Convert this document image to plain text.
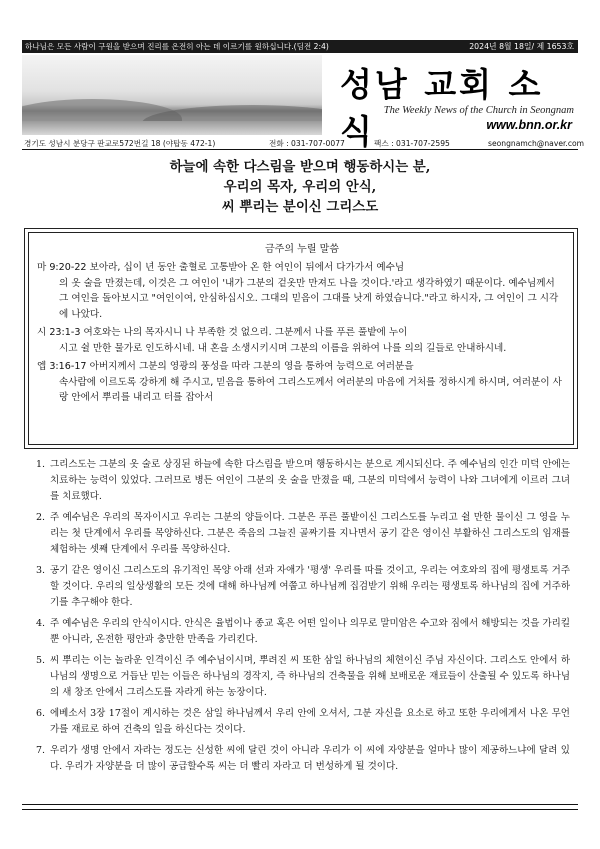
하나님은 모든 사람이 구원을 받으며 진리를 온전히 아는 데 이르기를 원하십니다.(딤전 2:4)	2024년 8월 18일/ 제 1653호
성남 교회 소식
The Weekly News of the Church in Seongnam
www.bnn.or.kr
경기도 성남시 분당구 판교로572번길 18 (야탑동 472-1)	전화 : 031-707-0077	팩스 : 031-707-2595	seongnamch@naver.com
하늘에 속한 다스림을 받으며 행동하시는 분,
우리의 목자, 우리의 안식,
씨 뿌리는 분이신 그리스도
금주의 누릴 말씀
마 9:20-22 보아라, 십이 년 동안 출혈로 고통받아 온 한 여인이 뒤에서 다가가서 예수님
의 옷 술을 만졌는데, 이것은 그 여인이 '내가 그분의 겉옷만 만져도 나을 것이다.'라고 생각하였기 때문이다. 예수님께서 그 여인을 돌아보시고 "여인이여, 안심하십시오. 그대의 믿음이 그대를 낫게 하였습니다."라고 하시자, 그 여인이 그 시각에 나았다.
시 23:1-3 여호와는 나의 목자시니 나 부족한 것 없으리. 그분께서 나를 푸른 풀밭에 누이
시고 쉴 만한 물가로 인도하시네. 내 혼을 소생시키시며 그분의 이름을 위하여 나를 의의 길들로 안내하시네.
엡 3:16-17 아버지께서 그분의 영광의 풍성을 따라 그분의 영을 통하여 능력으로 여러분을
속사람에 이르도록 강하게 해 주시고, 믿음을 통하여 그리스도께서 여러분의 마음에 거처를 정하시게 하시며, 여러분이 사랑 안에서 뿌리를 내리고 터를 잡아서
1. 그리스도는 그분의 옷 술로 상징된 하늘에 속한 다스림을 받으며 행동하시는 분으로 계시되신다. 주 예수님의 인간 미덕 안에는 치료하는 능력이 있었다. 그러므로 병든 여인이 그분의 옷 술을 만졌을 때, 그분의 미덕에서 능력이 나와 그녀에게 이르러 그녀를 치료했다.
2. 주 예수님은 우리의 목자이시고 우리는 그분의 양들이다. 그분은 푸른 풀밭이신 그리스도를 누리고 쉴 만한 물이신 그 영을 누리는 첫 단계에서 우리를 목양하신다. 그분은 죽음의 그늘진 골짜기를 지나면서 공기 같은 영이신 부활하신 그리스도의 임재를 체험하는 셋째 단계에서 우리를 목양하신다.
3. 공기 같은 영이신 그리스도의 유기적인 목양 아래 선과 자애가 '평생' 우리를 따를 것이고, 우리는 여호와의 집에 평생토록 거주할 것이다. 우리의 일상생활의 모든 것에 대해 하나님께 여쭙고 하나님께 집검받기 위해 우리는 평생토록 하나님의 집에 거주하기를 추구해야 한다.
4. 주 예수님은 우리의 안식이시다. 안식은 율법이나 종교 혹은 어떤 일이나 의무로 말미암은 수고와 짐에서 해방되는 것을 가리킬 뿐 아니라, 온전한 평안과 충만한 만족을 가리킨다.
5. 씨 뿌리는 이는 놀라운 인격이신 주 예수님이시며, 뿌려진 씨 또한 삼일 하나님의 체현이신 주님 자신이다. 그리스도 안에서 하나님의 생명으로 거듭난 믿는 이들은 하나님의 경작지, 즉 하나님의 건축물을 위해 보배로운 재료들이 산출될 수 있도록 하나님의 새 창조 안에서 그리스도를 자라게 하는 농장이다.
6. 에베소서 3장 17절이 계시하는 것은 삼일 하나님께서 우리 안에 오셔서, 그분 자신을 요소로 하고 또한 우리에게서 나온 무언가를 재료로 하여 건축의 일을 하신다는 것이다.
7. 우리가 생명 안에서 자라는 정도는 신성한 씨에 달린 것이 아니라 우리가 이 씨에 자양분을 얼마나 많이 제공하느냐에 달려 있다. 우리가 자양분을 더 많이 공급할수록 씨는 더 빨리 자라고 더 번성하게 될 것이다.
